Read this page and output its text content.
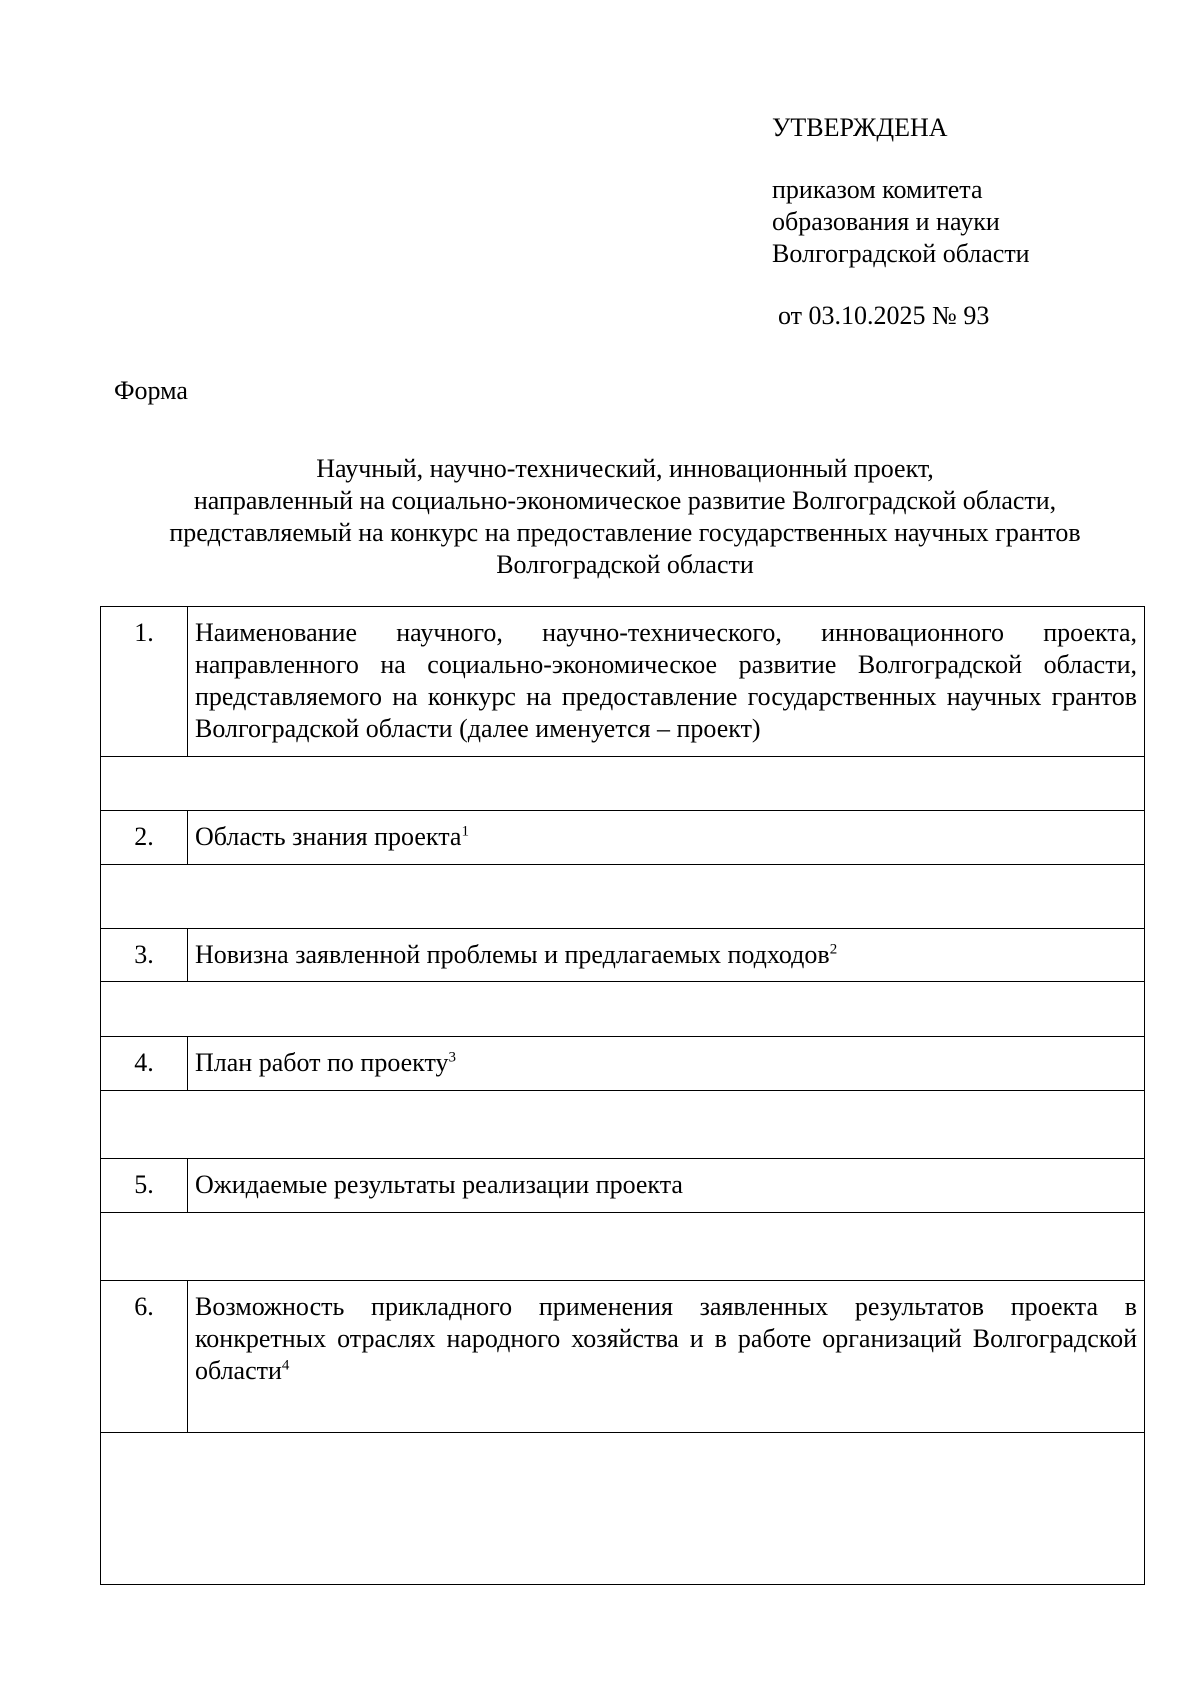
УТВЕРЖДЕНА
приказом комитета
образования и науки
Волгоградской области
от 03.10.2025 № 93
Форма
Научный, научно-технический, инновационный проект,
направленный на социально-экономическое развитие Волгоградской области,
представляемый на конкурс на предоставление государственных научных грантов
Волгоградской области
1.	Наименование научного, научно-технического, инновационного проекта, направленного на социально-экономическое развитие Волгоградской области, представляемого на конкурс на предоставление государственных научных грантов Волгоградской области (далее именуется – проект)

2.	Область знания проекта$^1$

3.	Новизна заявленной проблемы и предлагаемых подходов$^2$

4.	План работ по проекту$^3$

5.	Ожидаемые результаты реализации проекта

6.	Возможность прикладного применения заявленных результатов проекта в конкретных отраслях народного хозяйства и в работе организаций Волгоградской области$^4$
